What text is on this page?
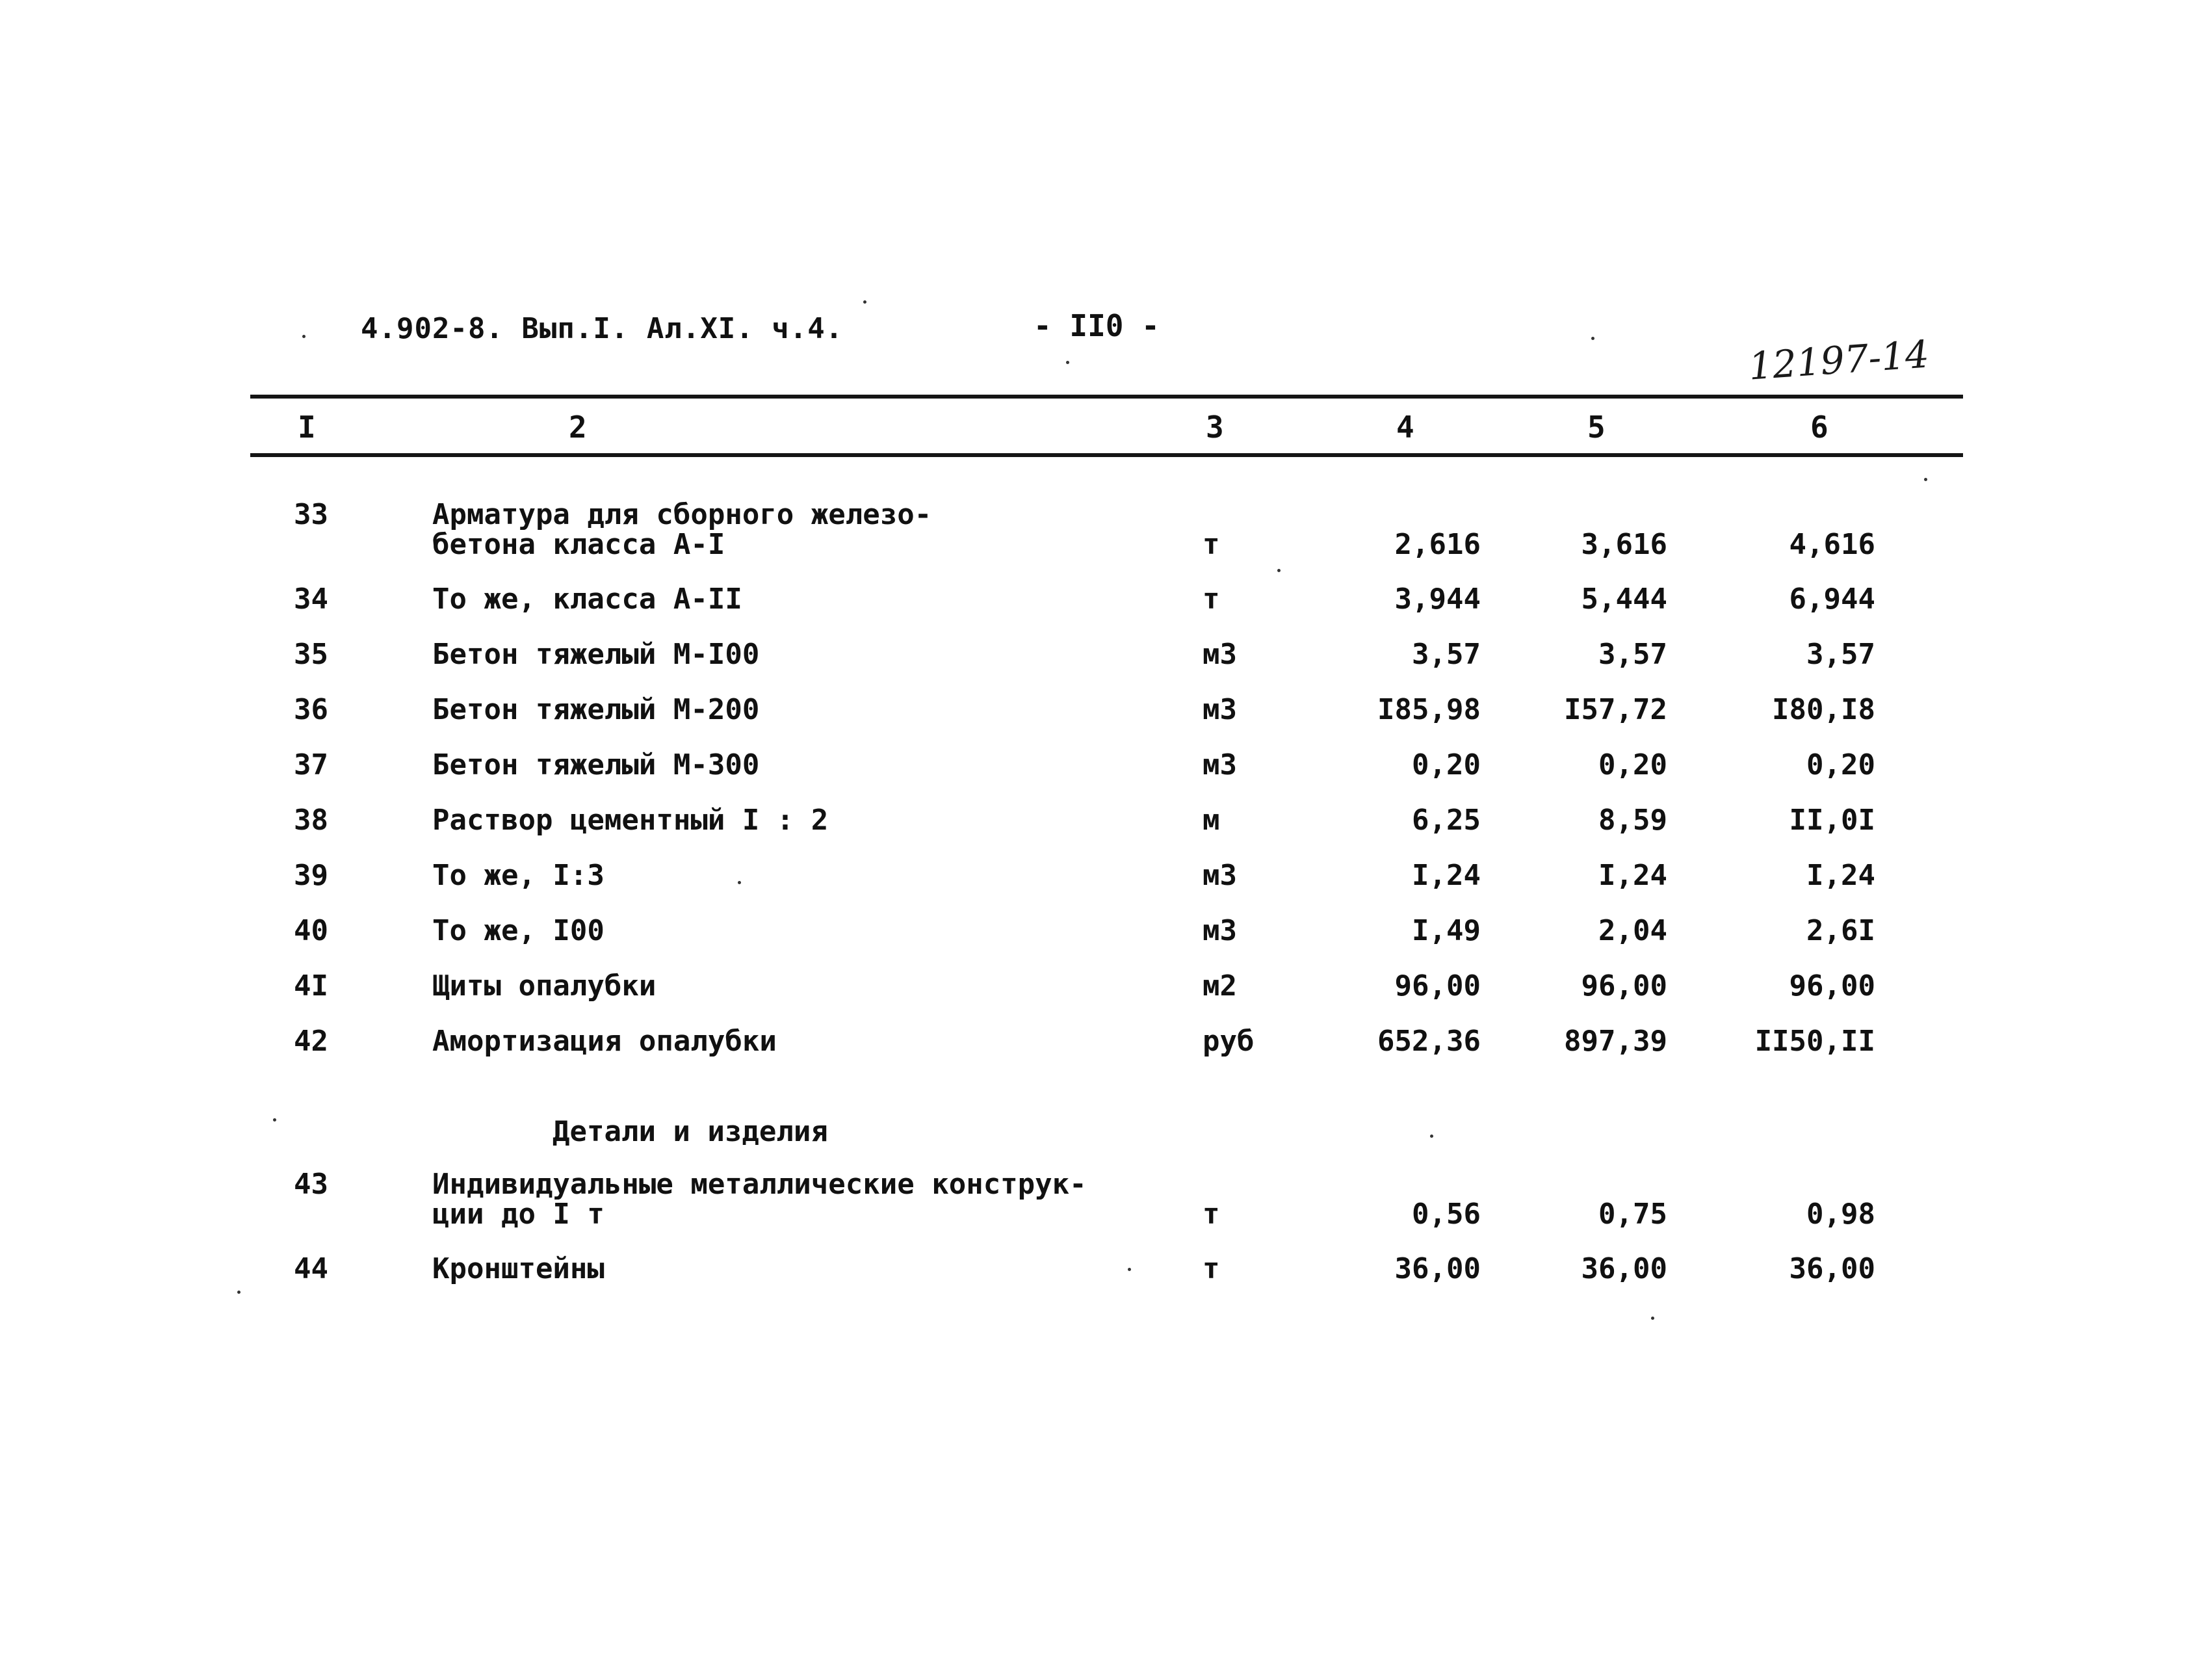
4.902-8. Вып.I. Ал.XI. ч.4.	- II0 -
12197-14
I	2	3	4	5	6
33	Арматура для сборного железо-
бетона класса А-I	т	2,616	3,616	4,616
34	То же, класса А-II	т	3,944	5,444	6,944
35	Бетон тяжелый М-I00	м3	3,57	3,57	3,57
36	Бетон тяжелый М-200	м3	I85,98	I57,72	I80,I8
37	Бетон тяжелый М-300	м3	0,20	0,20	0,20
38	Раствор цементный I : 2	м	6,25	8,59	II,0I
39	То же, I:3	м3	I,24	I,24	I,24
40	То же, I00	м3	I,49	2,04	2,6I
4I	Щиты опалубки	м2	96,00	96,00	96,00
42	Амортизация опалубки	руб	652,36	897,39	II50,II
Детали и изделия
43	Индивидуальные металлические конструк-
ции до I т	т	0,56	0,75	0,98
44	Кронштейны	т	36,00	36,00	36,00
